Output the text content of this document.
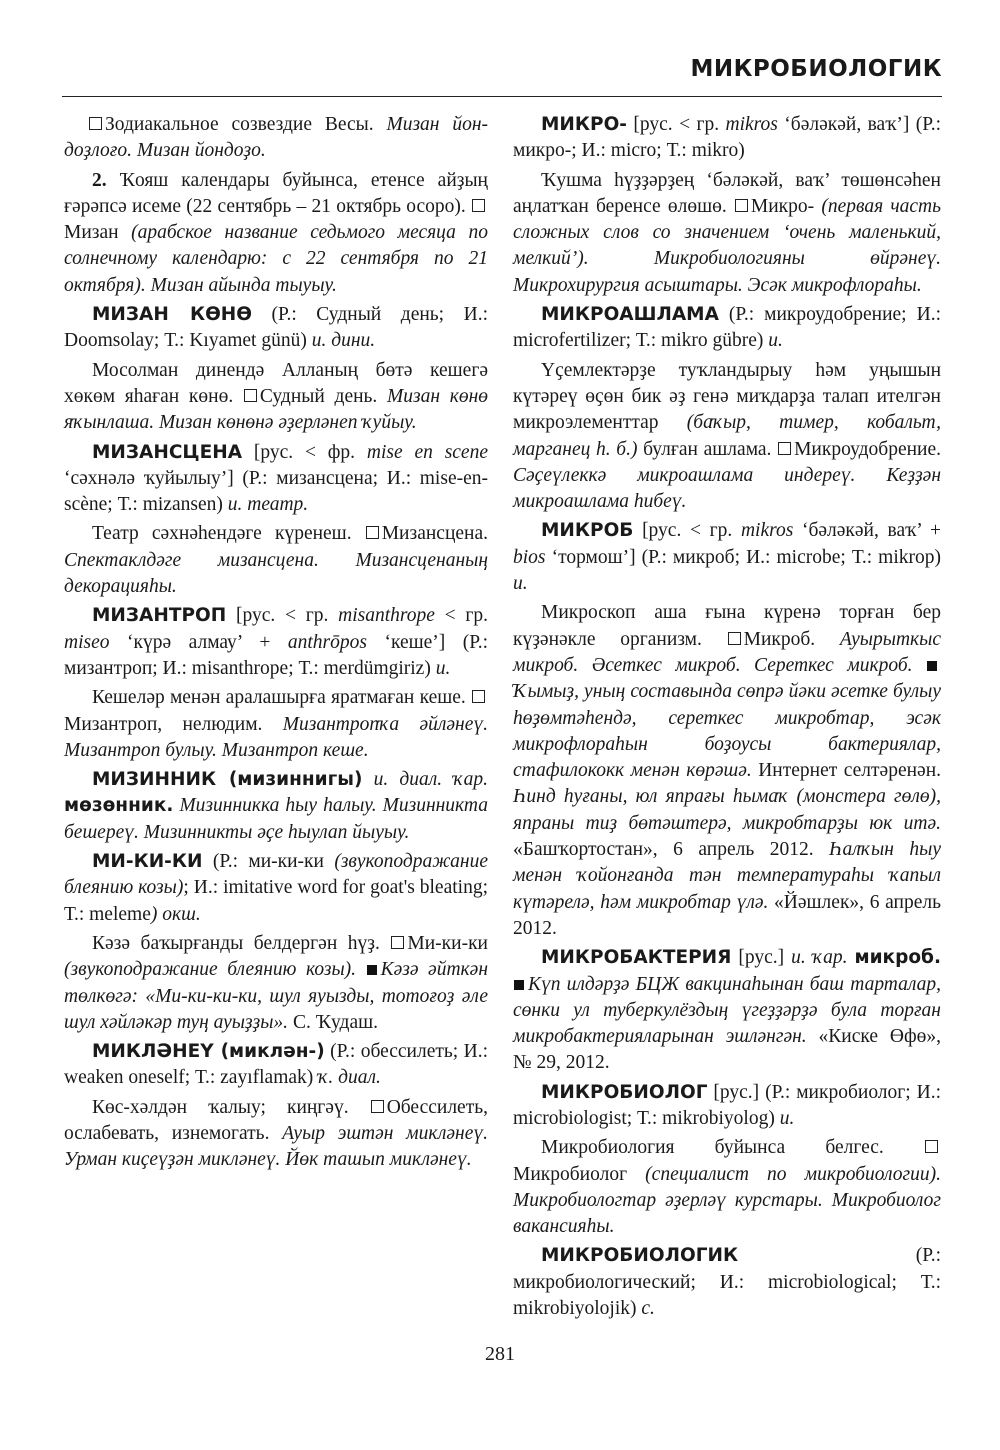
МИКРОБИОЛОГИК

Зодиакальное созвездие Весы. Мизан йон-доҙлоғо. Мизан йондоҙо.

2. Ҡояш календары буйынса, етенсе айҙың ғәрәпсә исеме (22 сентябрь – 21 октябрь осоро). Мизан (арабское название седьмого месяца по солнечному календарю: с 22 сентября по 21 октября). Мизан айында тыуыу.

МИЗАН КӨНӨ (Р.: Судный день; И.: Doomsolay; Т.: Kıyamet günü) и. дини.

Мосолман динендә Алланың бөтә кешегә хөкөм яһаған көнө. Судный день. Мизан көнө яҡынлаша. Мизан көнөнә әҙерләнеп ҡуйыу.

МИЗАНСЦЕНА [рус. < фр. mise en scene ‘сәхнәлә ҡуйылыу’] (Р.: мизансцена; И.: mise-en-scène; Т.: mizansen) и. театр.

Театр сәхнәһендәге күренеш. Мизансцена. Спектаклдәге мизансцена. Мизансценаның декорацияһы.

МИЗАНТРОП [рус. < гр. misanthrope < гр. miseo ‘күрә алмау’ + anthrōpos ‘кеше’] (Р.: мизантроп; И.: misanthrope; Т.: merdümgiriz) и.

Кешеләр менән аралашырға яратмаған кеше. Мизантроп, нелюдим. Мизантропҡа әйләнеү. Мизантроп булыу. Мизантроп кеше.

МИЗИННИК (мизиннигы) и. диал. ҡар. мөзөнник. Мизинникка һыу һалыу. Мизинникта бешереү. Мизинникты әҫе һыулап йыуыу.

МИ-КИ-КИ (Р.: ми-ки-ки (звукоподражание блеянию козы); И.: imitative word for goat's bleating; Т.: meleme) окш.

Кәзә баҡырғанды белдергән һүҙ. Ми-ки-ки (звукоподражание блеянию козы). Кәзә әйткән төлкөгә: «Ми-ки-ки-ки, шул яуызды, тотоғоҙ әле шул хәйләкәр туң ауыҙҙы». С. Ҡудаш.

МИКЛӘНЕҮ (миклән-) (Р.: обессилеть; И.: weaken oneself; Т.: zayıflamak) ҡ. диал.

Көс-хәлдән ҡалыу; киңгәү. Обессилеть, ослабевать, изнемогать. Ауыр эштән микләнеү. Урман киҫеүҙән микләнеү. Йөк ташып микләнеү.

МИКРО- [рус. < гр. mikros ‘бәләкәй, ваҡ’] (Р.: микро-; И.: micro; Т.: mikro)

Ҡушма һүҙҙәрҙең ‘бәләкәй, ваҡ’ төшөнсәһен аңлатҡан беренсе өлөшө. Микро- (первая часть сложных слов со значением ‘очень маленький, мелкий’). Микробиологияны өйрәнеү. Микрохирургия асыштары. Эсәк микрофлораһы.

МИКРОАШЛАМА (Р.: микроудобрение; И.: microfertilizer; Т.: mikro gübre) и.

Үҫемлектәрҙе туҡландырыу һәм уңышын күтәреү өҫөн бик әҙ генә миҡдарҙа талап ителгән микроэлементтар (баҡыр, тимер, кобальт, марганец һ. б.) булған ашлама. Микроудобрение. Сәҫеүлеккә микроашлама индереү. Кеҙҙән микроашлама һибеү.

МИКРОБ [рус. < гр. mikros ‘бәләкәй, ваҡ’ + bios ‘тормош’] (Р.: микроб; И.: microbe; Т.: mikrop) и.

Микроскоп аша ғына күренә торған бер күҙәнәкле организм. Микроб. Ауырыткыс микроб. Әсеткес микроб. Сереткес микроб. Ҡымыҙ, уның составында сөпрә йәки әсетке булыу һөҙөмтәһендә, сереткес микробтар, эсәк микрофлораһын боҙоусы бактериялар, стафилококк менән көрәшә. Интернет селтәренән. Һинд һуғаны, юл япрағы һымаҡ (монстера гөлө), япраны тиҙ бөтәштерә, микробтарҙы юк итә. «Башҡортостан», 6 апрель 2012. Һалҡын һыу менән ҡойонғанда тән температураһы ҡапыл күтәрелә, һәм микробтар үлә. «Йәшлек», 6 апрель 2012.

МИКРОБАКТЕРИЯ [рус.] и. ҡар. микроб. Күп илдәрҙә БЦЖ вакцинаһынан баш тарталар, сөнки ул туберкулёздың үгеҙҙәрҙә була торған микробактерияларынан эшләнгән. «Киске Өфө», № 29, 2012.

МИКРОБИОЛОГ [рус.] (Р.: микробиолог; И.: microbiologist; Т.: mikrobiyolog) и.

Микробиология буйынса белгес. Микробиолог (специалист по микробиологии). Микробиологтар әҙерләү курстары. Микробиолог вакансияһы.

МИКРОБИОЛОГИК (Р.: микробиологический; И.: microbiological; Т.: mikrobiyolojik) с.

281
